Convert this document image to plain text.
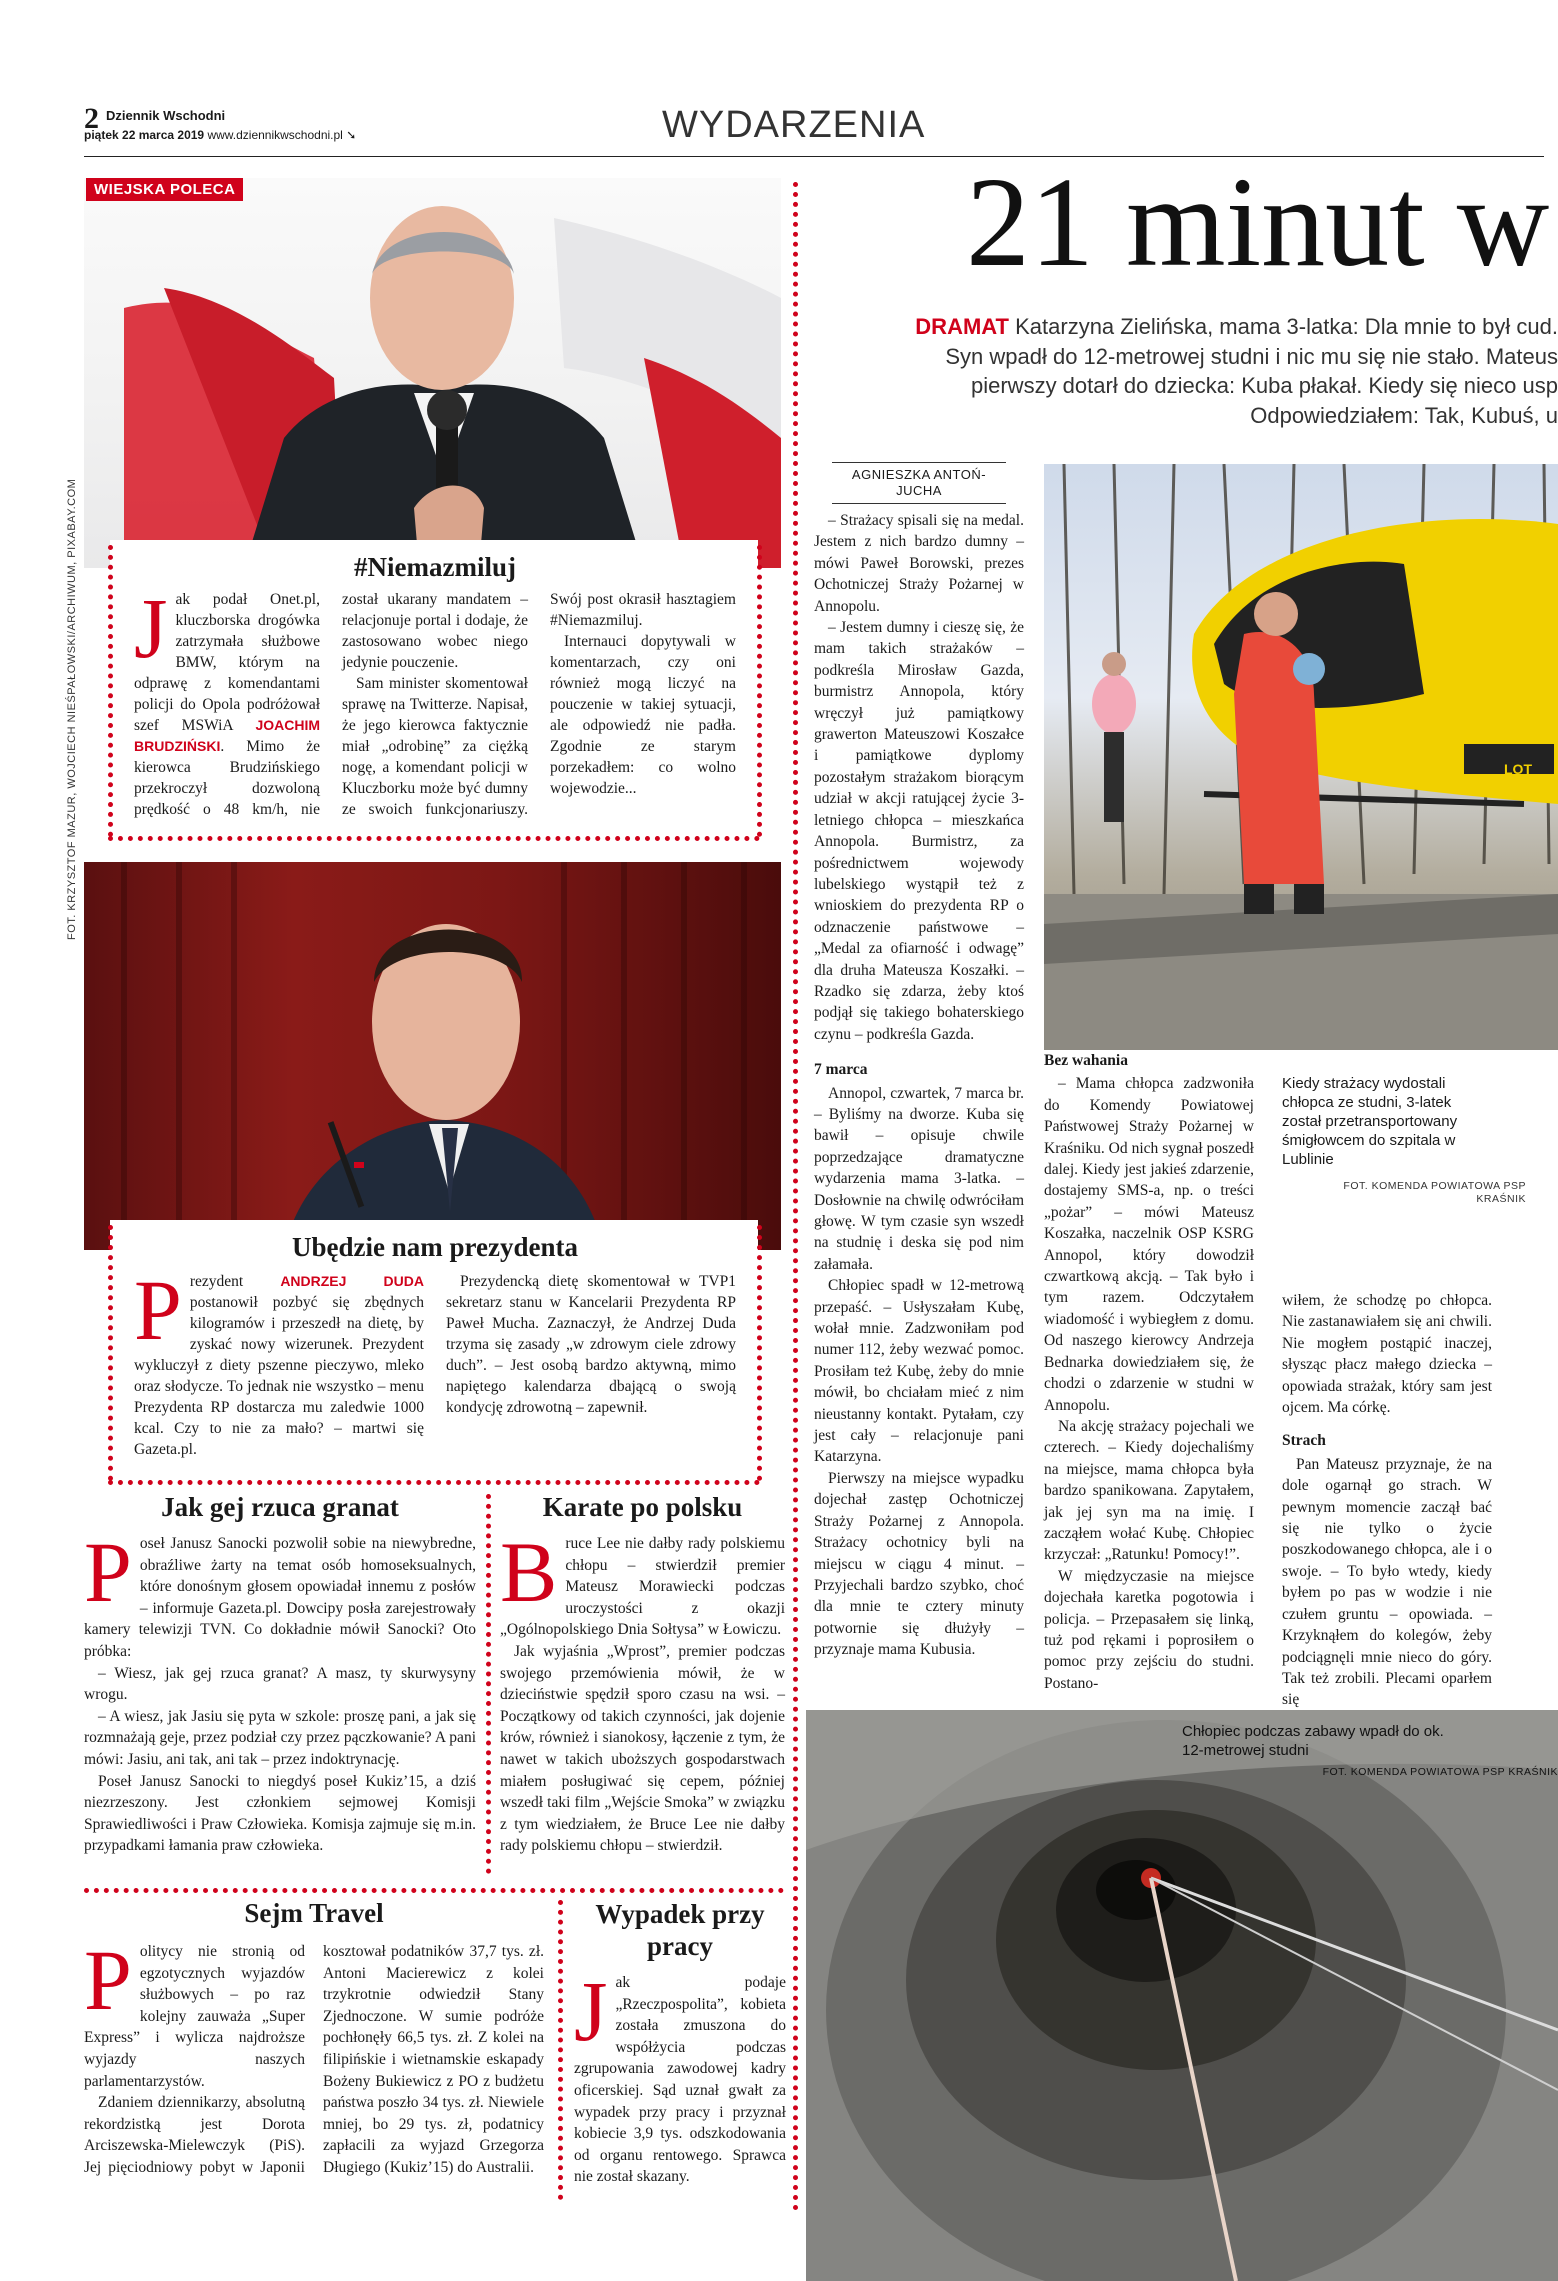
2 Dziennik Wschodni
piątek 22 marca 2019 www.dziennikwschodni.pl ➘	WYDARZENIA
FOT. KRZYSZTOF MAZUR, WOJCIECH NIEŚPAŁOWSKI/ARCHIWUM, PIXABAY.COM
WIEJSKA POLECA
#Niemazmiluj
J ak podał Onet.pl, kluczborska drogówka zatrzymała służbowe BMW, którym na odprawę z komendantami policji do Opola podróżował szef MSWiA JOACHIM BRUDZIŃSKI. Mimo że kierowca Brudzińskiego przekroczył dozwoloną prędkość o 48 km/h, nie został ukarany mandatem – relacjonuje portal i dodaje, że zastosowano wobec niego jedynie pouczenie.

Sam minister skomentował sprawę na Twitterze. Napisał, że jego kierowca faktycznie miał „odrobinę” za ciężką nogę, a komendant policji w Kluczborku może być dumny ze swoich funkcjonariuszy. Swój post okrasił hasztagiem #Niemazmiluj.

Internauci dopytywali w komentarzach, czy oni również mogą liczyć na pouczenie w takiej sytuacji, ale odpowiedź nie padła. Zgodnie ze starym porzekadłem: co wolno wojewodzie...

Ubędzie nam prezydenta
P rezydent	ANDRZEJ DUDA postanowił pozbyć się zbędnych kilogramów i przeszedł na dietę, by zyskać nowy wizerunek. Prezydent wykluczył z diety pszenne pieczywo, mleko oraz słodycze. To jednak nie wszystko – menu Prezydenta RP dostarcza mu zaledwie 1000 kcal. Czy to nie za mało? – martwi się Gazeta.pl.

Prezydencką dietę skomentował w TVP1 sekretarz stanu w Kancelarii Prezydenta RP Paweł Mucha. Zaznaczył, że Andrzej Duda trzyma się zasady „w zdrowym ciele zdrowy duch”. – Jest osobą bardzo aktywną, mimo napiętego kalendarza dbającą o swoją kondycję zdrowotną – zapewnił.

Jak gej rzuca granat
P oseł Janusz Sanocki pozwolił sobie na niewybredne, obraźliwe żarty na temat osób homoseksualnych, które donośnym głosem opowiadał innemu z posłów – informuje Gazeta.pl. Dowcipy posła zarejestrowały kamery telewizji TVN. Co dokładnie mówił Sanocki? Oto próbka:

– Wiesz, jak gej rzuca granat? A masz, ty skurwysyny wrogu.

– A wiesz, jak Jasiu się pyta w szkole: proszę pani, a jak się rozmnażają geje, przez podział czy przez pączkowanie? A pani mówi: Jasiu, ani tak, ani tak – przez indoktrynację.

Poseł Janusz Sanocki to niegdyś poseł Kukiz’15, a dziś niezrzeszony. Jest członkiem sejmowej Komisji Sprawiedliwości i Praw Człowieka. Komisja zajmuje się m.in. przypadkami łamania praw człowieka.

Karate po polsku
B ruce Lee nie dałby rady polskiemu chłopu – stwierdził premier Mateusz Morawiecki podczas uroczystości z okazji „Ogólnopolskiego Dnia Sołtysa” w Łowiczu.

Jak wyjaśnia „Wprost”, premier podczas swojego przemówienia mówił, że w dzieciństwie spędził sporo czasu na wsi. – Początkowy od takich czynności, jak dojenie krów, również i sianokosy, łączenie z tym, że nawet w takich uboższych gospodarstwach miałem posługiwać się cepem, później wszedł taki film „Wejście Smoka” w związku z tym wiedziałem, że Bruce Lee nie dałby rady polskiemu chłopu – stwierdził.

Sejm Travel
P olitycy nie stronią od egzotycznych wyjazdów służbowych – po raz kolejny zauważa „Super Express” i wylicza najdroższe wyjazdy naszych parlamentarzystów.

Zdaniem dziennikarzy, absolutną rekordzistką jest Dorota Arciszewska-Mielewczyk (PiS). Jej pięciodniowy pobyt w Japonii kosztował podatników 37,7 tys. zł. Antoni Macierewicz z kolei trzykrotnie odwiedził Stany Zjednoczone. W sumie podróże pochłonęły 66,5 tys. zł. Z kolei na filipińskie i wietnamskie eskapady Bożeny Bukiewicz z PO z budżetu państwa poszło 34 tys. zł. Niewiele mniej, bo 29 tys. zł, podatnicy zapłacili za wyjazd Grzegorza Długiego (Kukiz’15) do Australii.

Wypadek przy pracy
J ak podaje „Rzeczpospolita”, kobieta została zmuszona do współżycia podczas zgrupowania zawodowej kadry oficerskiej. Sąd uznał gwałt za wypadek przy pracy i przyznał kobiecie 3,9 tys. odszkodowania od organu rentowego. Sprawca nie został skazany.

21 minut w
DRAMAT Katarzyna Zielińska, mama 3-latka: Dla mnie to był cud.
Syn wpadł do 12-metrowej studni i nic mu się nie stało. Mateus
pierwszy dotarł do dziecka: Kuba płakał. Kiedy się nieco usp
Odpowiedziałem: Tak, Kubuś, u
AGNIESZKA ANTOŃ-JUCHA

– Strażacy spisali się na medal. Jestem z nich bardzo dumny – mówi Paweł Borowski, prezes Ochotniczej Straży Pożarnej w Annopolu.

– Jestem dumny i cieszę się, że mam takich strażaków – podkreśla Mirosław Gazda, burmistrz Annopola, który wręczył już pamiątkowy grawerton Mateuszowi Koszałce i pamiątkowe dyplomy pozostałym strażakom biorącym udział w akcji ratującej życie 3-letniego chłopca – mieszkańca Annopola. Burmistrz, za pośrednictwem wojewody lubelskiego wystąpił też z wnioskiem do prezydenta RP o odznaczenie państwowe – „Medal za ofiarność i odwagę” dla druha Mateusza Koszałki. – Rzadko się zdarza, żeby ktoś podjął się takiego bohaterskiego czynu – podkreśla Gazda.

7 marca

Annopol, czwartek, 7 marca br. – Byliśmy na dworze. Kuba się bawił – opisuje chwile poprzedzające dramatyczne wydarzenia mama 3-latka. – Dosłownie na chwilę odwróciłam głowę. W tym czasie syn wszedł na studnię i deska się pod nim załamała.

Chłopiec spadł w 12-metrową przepaść. – Usłyszałam Kubę, wołał mnie. Zadzwoniłam pod numer 112, żeby wezwać pomoc. Prosiłam też Kubę, żeby do mnie mówił, bo chciałam mieć z nim nieustanny kontakt. Pytałam, czy jest cały – relacjonuje pani Katarzyna.

Pierwszy na miejsce wypadku dojechał zastęp Ochotniczej Straży Pożarnej z Annopola. Strażacy ochotnicy byli na miejscu w ciągu 4 minut. – Przyjechali bardzo szybko, choć dla mnie te cztery minuty potwornie się dłużyły – przyznaje mama Kubusia.

LOT
Bez wahania

– Mama chłopca zadzwoniła do Komendy Powiatowej Państwowej Straży Pożarnej w Kraśniku. Od nich sygnał poszedł dalej. Kiedy jest jakieś zdarzenie, dostajemy SMS-a, np. o treści „pożar” – mówi Mateusz Koszałka, naczelnik OSP KSRG Annopol, który dowodził czwartkową akcją. – Tak było i tym razem. Odczytałem wiadomość i wybiegłem z domu. Od naszego kierowcy Andrzeja Bednarka dowiedziałem się, że chodzi o zdarzenie w studni w Annopolu.

Na akcję strażacy pojechali we czterech. – Kiedy dojechaliśmy na miejsce, mama chłopca była bardzo spanikowana. Zapytałem, jak jej syn ma na imię. I zacząłem wołać Kubę. Chłopiec krzyczał: „Ratunku! Pomocy!”.

W międzyczasie na miejsce dojechała karetka pogotowia i policja. – Przepasałem się linką, tuż pod rękami i poprosiłem o pomoc przy zejściu do studni. Postano-

Kiedy strażacy wydostali chłopca ze studni, 3-latek został przetransportowany śmigłowcem do szpitala w Lublinie
FOT. KOMENDA POWIATOWA PSP KRAŚNIK

wiłem, że schodzę po chłopca. Nie zastanawiałem się ani chwili. Nie mogłem postąpić inaczej, słysząc płacz małego dziecka – opowiada strażak, który sam jest ojcem. Ma córkę.

Strach

Pan Mateusz przyznaje, że na dole ogarnął go strach. W pewnym momencie zaczął bać się nie tylko o życie poszkodowanego chłopca, ale i o swoje. – To było wtedy, kiedy byłem po pas w wodzie i nie czułem gruntu – opowiada. – Krzyknąłem do kolegów, żeby podciągnęli mnie nieco do góry. Tak też zrobili. Plecami oparłem się

Chłopiec podczas zabawy wpadł do ok. 12-metrowej studni
FOT. KOMENDA POWIATOWA PSP KRAŚNIK
